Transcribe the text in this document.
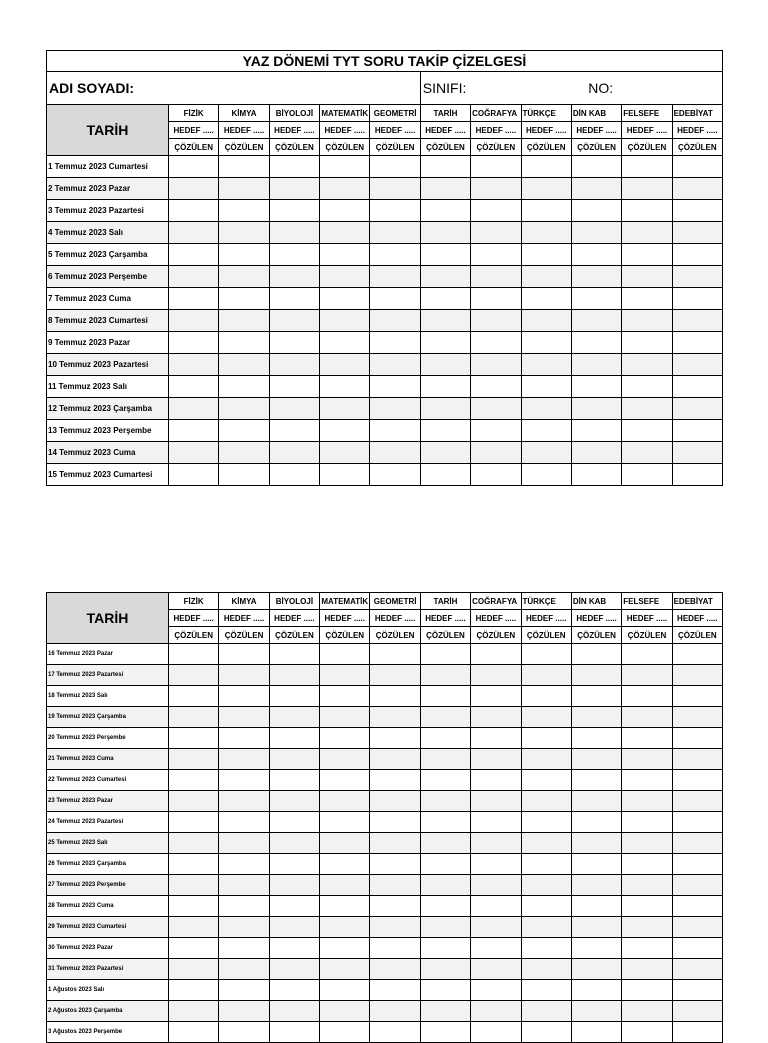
YAZ DÖNEMİ TYT SORU TAKİP ÇİZELGESİ											
ADI SOYADI:						SINIFI: NO:					
TARİH	FİZİK	KİMYA	BİYOLOJİ	MATEMATİK	GEOMETRİ	TARİH	COĞRAFYA	TÜRKÇE	DİN KAB	FELSEFE	EDEBİYAT
	HEDEF .....	HEDEF .....	HEDEF .....	HEDEF .....	HEDEF .....	HEDEF .....	HEDEF .....	HEDEF .....	HEDEF .....	HEDEF .....	HEDEF .....
	ÇÖZÜLEN	ÇÖZÜLEN	ÇÖZÜLEN	ÇÖZÜLEN	ÇÖZÜLEN	ÇÖZÜLEN	ÇÖZÜLEN	ÇÖZÜLEN	ÇÖZÜLEN	ÇÖZÜLEN	ÇÖZÜLEN
1 Temmuz 2023 Cumartesi											
2 Temmuz 2023 Pazar											
3 Temmuz 2023 Pazartesi											
4 Temmuz 2023 Salı											
5 Temmuz 2023 Çarşamba											
6 Temmuz 2023 Perşembe											
7 Temmuz 2023 Cuma											
8 Temmuz 2023 Cumartesi											
9 Temmuz 2023 Pazar											
10 Temmuz 2023 Pazartesi											
11 Temmuz 2023 Salı											
12 Temmuz 2023 Çarşamba											
13 Temmuz 2023 Perşembe											
14 Temmuz 2023 Cuma											
15 Temmuz 2023 Cumartesi											
TARİH	FİZİK	KİMYA	BİYOLOJİ	MATEMATİK	GEOMETRİ	TARİH	COĞRAFYA	TÜRKÇE	DİN KAB	FELSEFE	EDEBİYAT
	HEDEF .....	HEDEF .....	HEDEF .....	HEDEF .....	HEDEF .....	HEDEF .....	HEDEF .....	HEDEF .....	HEDEF .....	HEDEF .....	HEDEF .....
	ÇÖZÜLEN	ÇÖZÜLEN	ÇÖZÜLEN	ÇÖZÜLEN	ÇÖZÜLEN	ÇÖZÜLEN	ÇÖZÜLEN	ÇÖZÜLEN	ÇÖZÜLEN	ÇÖZÜLEN	ÇÖZÜLEN
16 Temmuz 2023 Pazar											
17 Temmuz 2023 Pazartesi											
18 Temmuz 2023 Salı											
19 Temmuz 2023 Çarşamba											
20 Temmuz 2023 Perşembe											
21 Temmuz 2023 Cuma											
22 Temmuz 2023 Cumartesi											
23 Temmuz 2023 Pazar											
24 Temmuz 2023 Pazartesi											
25 Temmuz 2023 Salı											
26 Temmuz 2023 Çarşamba											
27 Temmuz 2023 Perşembe											
28 Temmuz 2023 Cuma											
29 Temmuz 2023 Cumartesi											
30 Temmuz 2023 Pazar											
31 Temmuz 2023 Pazartesi											
1 Ağustos 2023 Salı											
2 Ağustos 2023 Çarşamba											
3 Ağustos 2023 Perşembe											
